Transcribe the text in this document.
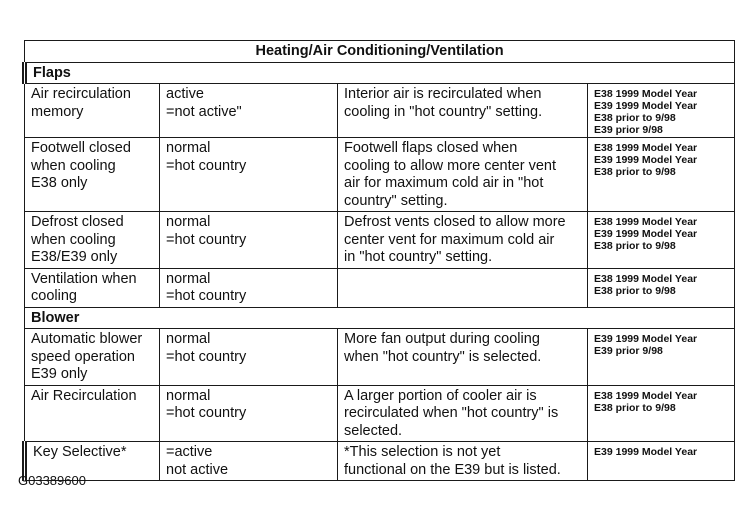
Heating/Air Conditioning/Ventilation			
Flaps			

Air recirculation
memory	active
=not active"	Interior air is recirculated when
cooling in "hot country" setting.	E38 1999 Model Year
E39 1999 Model Year
E38 prior to 9/98
E39 prior 9/98

Footwell closed
when cooling
E38 only	normal
=hot country	Footwell flaps closed when
cooling to allow more center vent
air for maximum cold air in "hot
country" setting.	E38 1999 Model Year
E39 1999 Model Year
E38 prior to 9/98

Defrost closed
when cooling
E38/E39 only	normal
=hot country	Defrost vents closed to allow more
center vent for maximum cold air
in "hot country" setting.	E38 1999 Model Year
E39 1999 Model Year
E38 prior to 9/98

Ventilation when
cooling	normal
=hot country		E38 1999 Model Year
E38 prior to 9/98

Blower			

Automatic blower
speed operation
E39 only	normal
=hot country	More fan output during cooling
when "hot country" is selected.	E39 1999 Model Year
E39 prior 9/98

Air Recirculation	normal
=hot country	A larger portion of cooler air is
recirculated when "hot country" is
selected.	E38 1999 Model Year
E38 prior to 9/98

Key Selective*	=active
not active	*This selection is not yet
functional on the E39 but is listed.	E39 1999 Model Year
G03389600
